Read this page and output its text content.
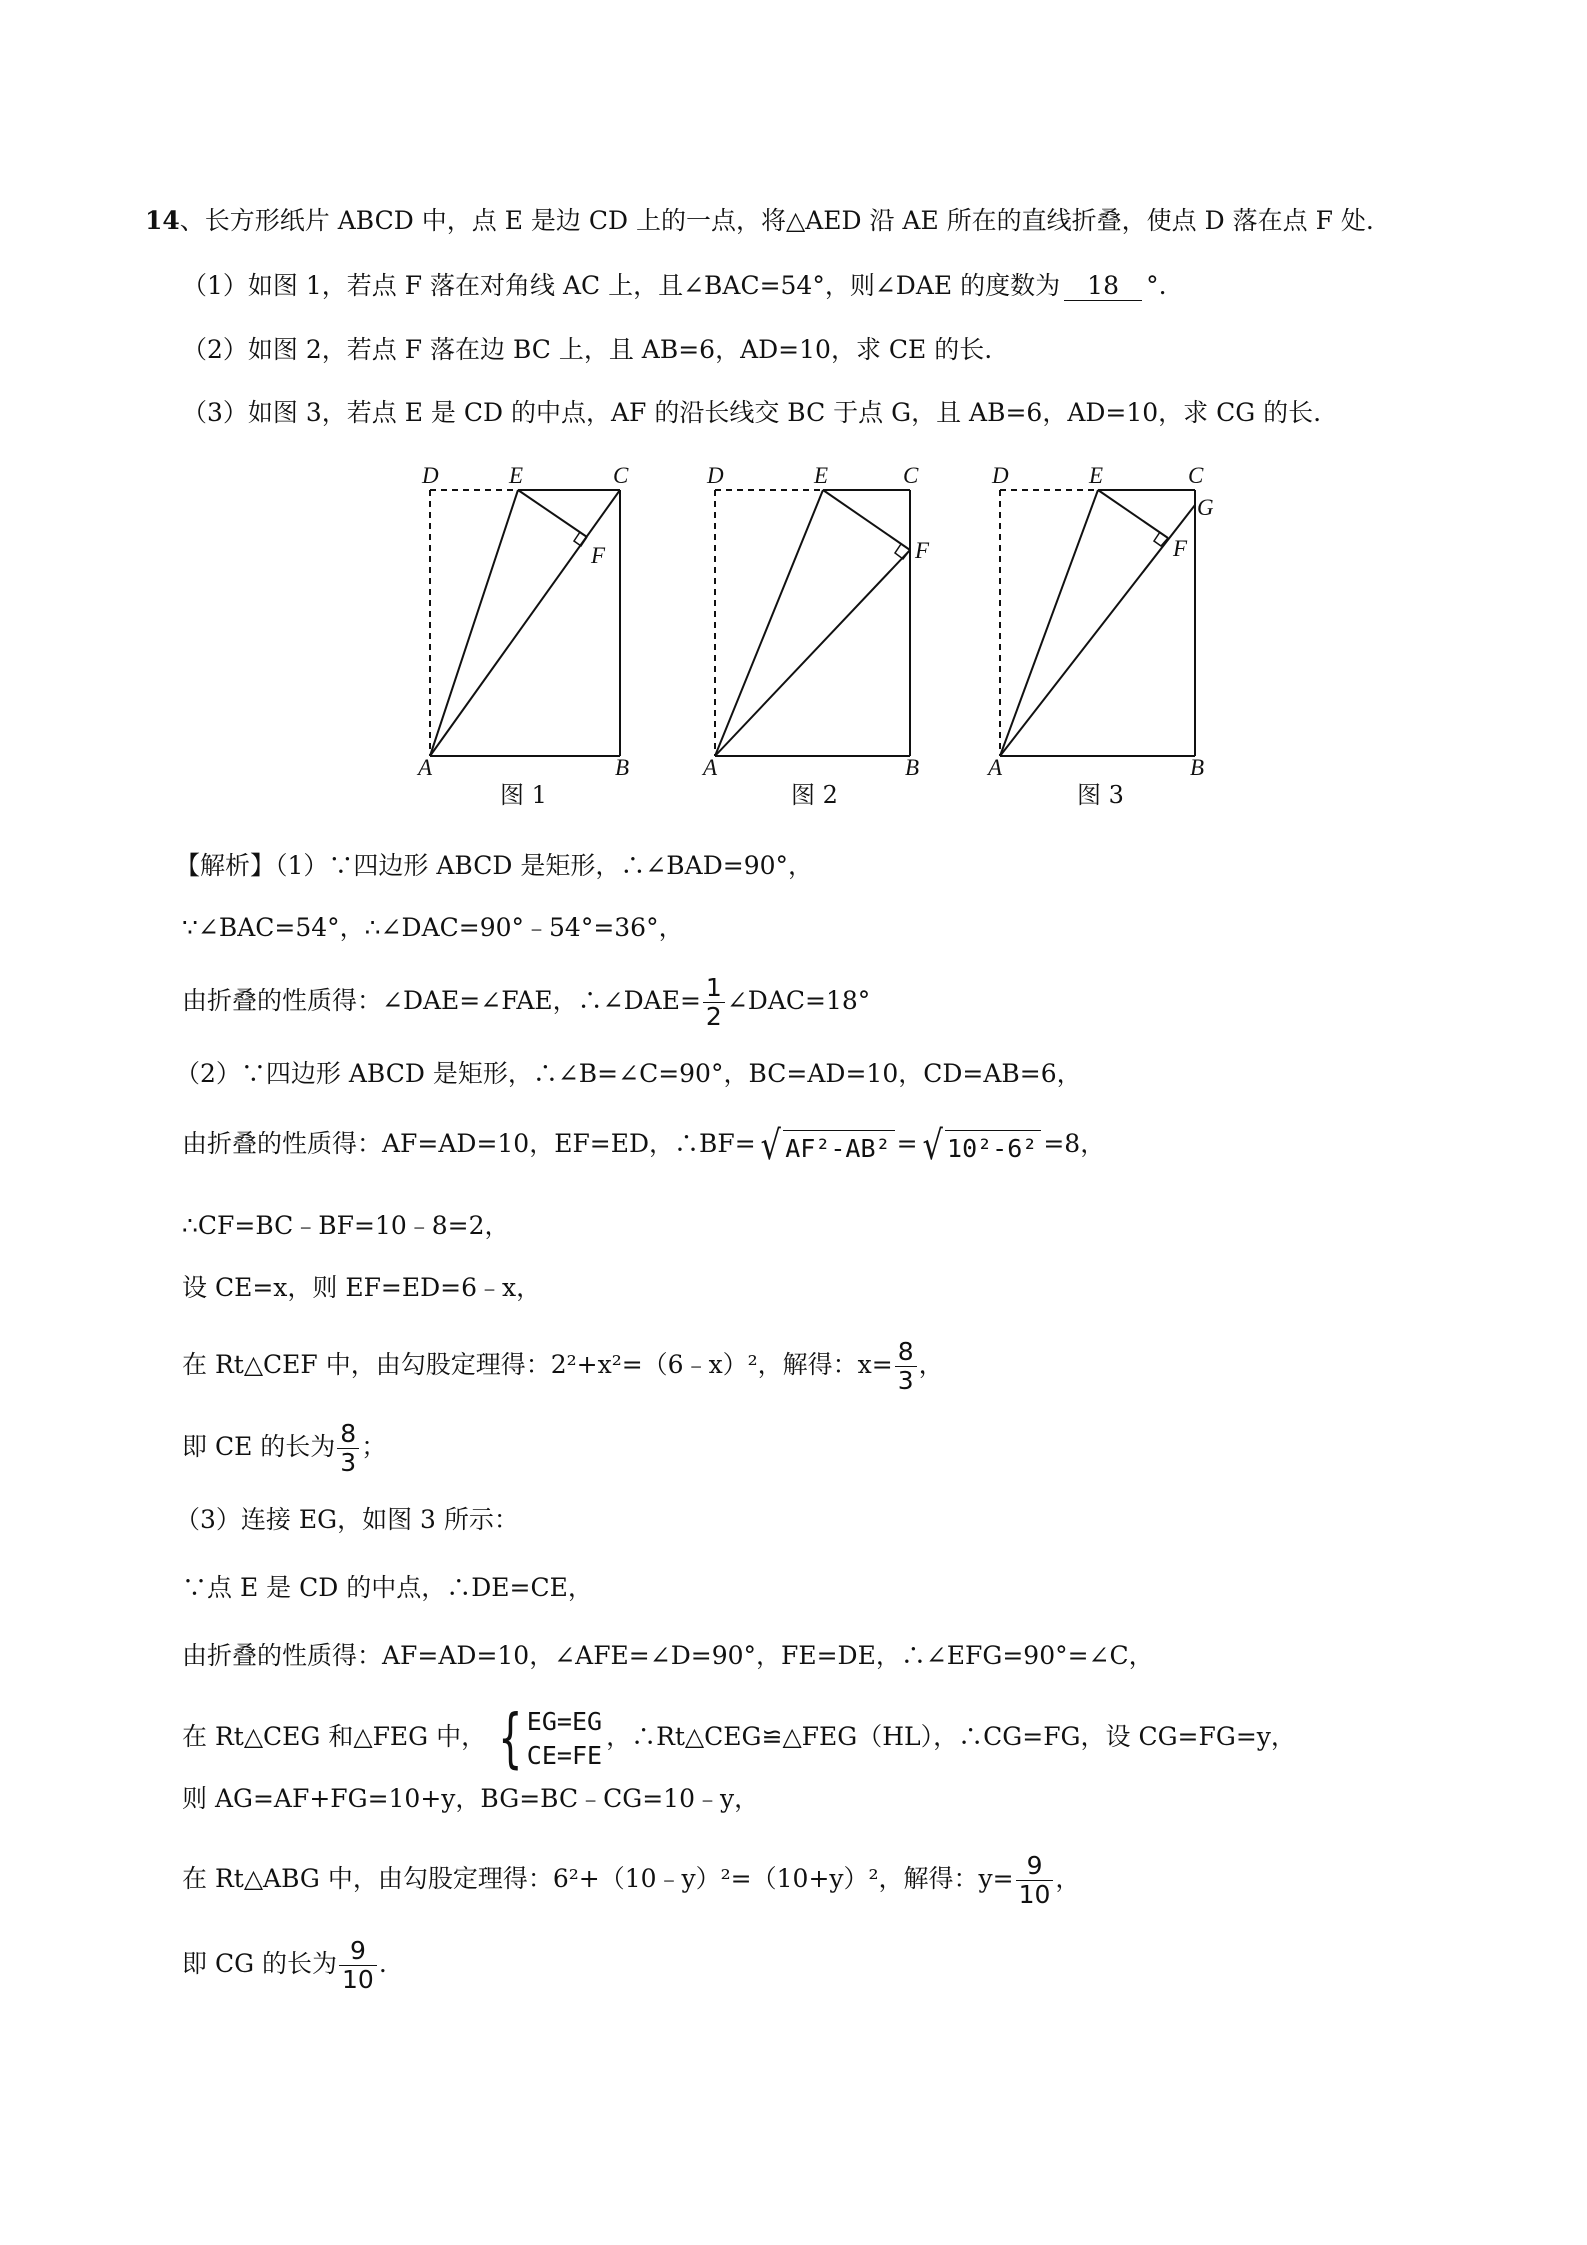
14、长方形纸片 ABCD 中，点 E 是边 CD 上的一点，将△AED 沿 AE 所在的直线折叠，使点 D 落在点 F 处.
（1）如图 1，若点 F 落在对角线 AC 上，且∠BAC=54°，则∠DAE 的度数为 18 °.
（2）如图 2，若点 F 落在边 BC 上，且 AB=6，AD=10，求 CE 的长.
（3）如图 3，若点 E 是 CD 的中点，AF 的沿长线交 BC 于点 G，且 AB=6，AD=10，求 CG 的长.
D	E	C
F
A	B
D	E	C
F
A	B
D	E	C
G
F
A	B
图 1	图 2	图 3
【解析】（1）∵四边形 ABCD 是矩形，∴∠BAD=90°，
∵∠BAC=54°，∴∠DAC=90°﹣54°=36°，
由折叠的性质得：∠DAE=∠FAE，∴∠DAE= $\frac{1}{2}$ ∠DAC=18°
（2）∵四边形 ABCD 是矩形，∴∠B=∠C=90°，BC=AD=10，CD=AB=6，
由折叠的性质得：AF=AD=10，EF=ED，∴BF= √ AF²-AB² = √ 10²-6² =8，
∴CF=BC﹣BF=10﹣8=2，
设 CE=x，则 EF=ED=6﹣x，
在 Rt△CEF 中，由勾股定理得：2²+x²=（6﹣x）²，解得：$x= \frac{8}{3}$ ，
即 CE 的长为 $\frac{8}{3}$ ；
（3）连接 EG，如图 3 所示：
∵点 E 是 CD 的中点，∴DE=CE，
由折叠的性质得：AF=AD=10，∠AFE=∠D=90°，FE=DE，∴∠EFG=90°=∠C，
在 Rt△CEG 和△FEG 中， { EG=EG
CE=FE
，∴Rt△CEG≌△FEG（HL），∴CG=FG，设 CG=FG=y，
则 AG=AF+FG=10+y，BG=BC﹣CG=10﹣y，
在 Rt△ABG 中，由勾股定理得：6²+（10﹣y）²=（10+y）²，解得：$y= \frac{9}{10}$ ，
即 CG 的长为 $\frac{9}{10}$ .
